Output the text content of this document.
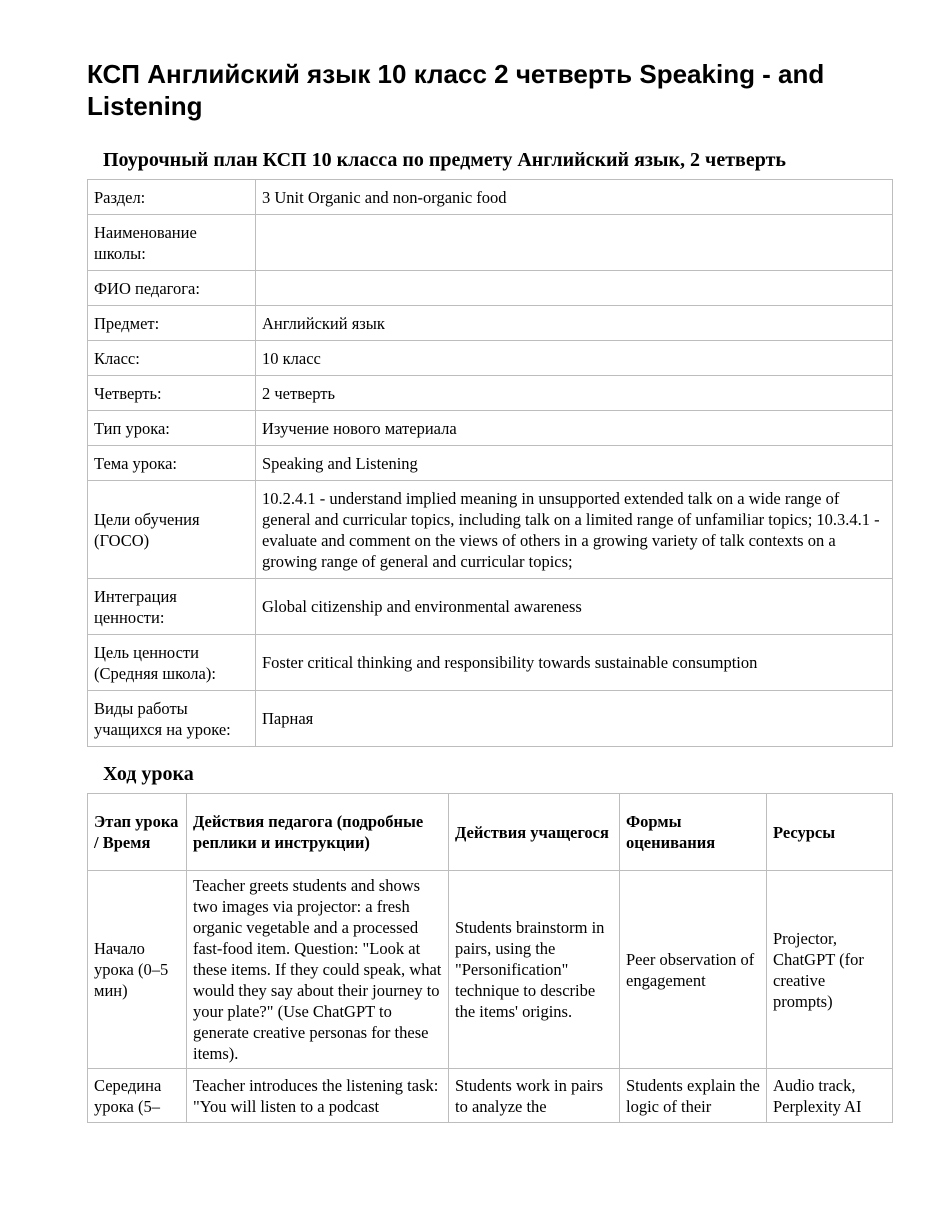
КСП Английский язык 10 класс 2 четверть Speaking - and Listening
Поурочный план КСП 10 класса по предмету Английский язык, 2 четверть
Раздел:	3 Unit Organic and non-organic food
Наименование школы:	
ФИО педагога:	
Предмет:	Английский язык
Класс:	10 класс
Четверть:	2 четверть
Тип урока:	Изучение нового материала
Тема урока:	Speaking and Listening
Цели обучения (ГОСО)	10.2.4.1 - understand implied meaning in unsupported extended talk on a wide range of general and curricular topics, including talk on a limited range of unfamiliar topics; 10.3.4.1 - evaluate and comment on the views of others in a growing variety of talk contexts on a growing range of general and curricular topics;
Интеграция ценности:	Global citizenship and environmental awareness
Цель ценности (Средняя школа):	Foster critical thinking and responsibility towards sustainable consumption
Виды работы учащихся на уроке:	Парная
Ход урока
Этап урока / Время	Действия педагога (подробные реплики и инструкции)	Действия учащегося	Формы оценивания	Ресурсы
Начало урока (0–5 мин)	Teacher greets students and shows two images via projector: a fresh organic vegetable and a processed fast-food item. Question: "Look at these items. If they could speak, what would they say about their journey to your plate?" (Use ChatGPT to generate creative personas for these items).	Students brainstorm in pairs, using the "Personification" technique to describe the items' origins.	Peer observation of engagement	Projector, ChatGPT (for creative prompts)
Середина урока (5–	Teacher introduces the listening task: "You will listen to a podcast	Students work in pairs to analyze the	Students explain the logic of their	Audio track, Perplexity AI
